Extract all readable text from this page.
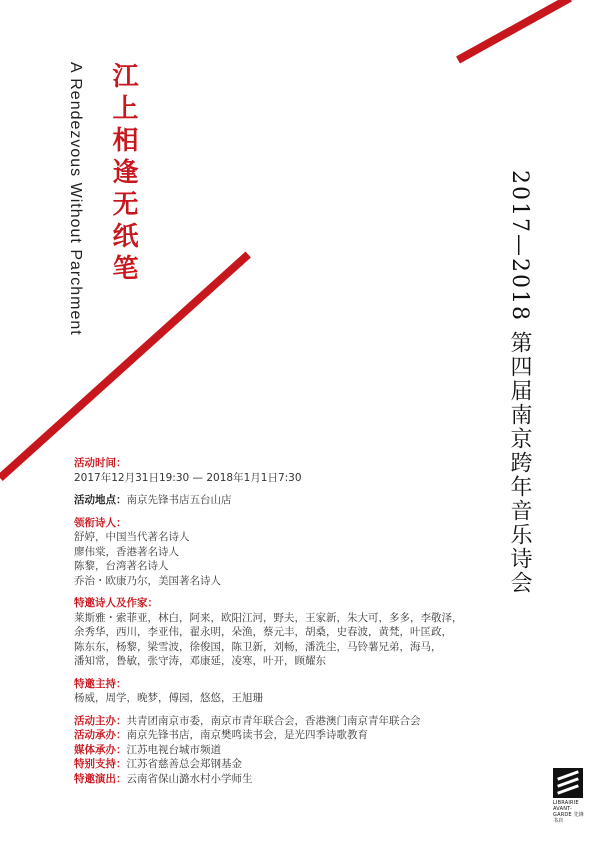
江上相逢无纸笔
A Rendezvous Without Parchment	2017—2018 第四届南京跨年音乐诗会
活动时间：
2017年12月31日19:30 — 2018年1月1日7:30
活动地点：南京先锋书店五台山店
领衔诗人：
舒婷，中国当代著名诗人
廖伟棠，香港著名诗人
陈黎，台湾著名诗人
乔治・欧康乃尔，美国著名诗人
特邀诗人及作家：
莱斯雅・索菲亚，林白，阿来，欧阳江河，野夫，王家新，朱大可，多多，李敬泽，
余秀华，西川，李亚伟，翟永明，朵渔，蔡元丰，胡桑，史春波，黄梵，叶匡政，
陈东东，杨黎，梁雪波，徐俊国，陈卫新，刘畅，潘洗尘，马铃薯兄弟，海马，
潘知常，鲁敏，张守涛，邓康延，凌寒，叶开，顾耀东
特邀主持：
杨威，周学，晚梦，傅园，悠悠，王旭珊
活动主办：共青团南京市委，南京市青年联合会，香港澳门南京青年联合会
活动承办：南京先锋书店，南京樊鸣读书会，是光四季诗歌教育
媒体承办：江苏电视台城市频道
特别支持：江苏省慈善总会郑钢基金
特邀演出：云南省保山潞水村小学师生
LIBRAIRIE AVANT-GARDE 先锋书店
